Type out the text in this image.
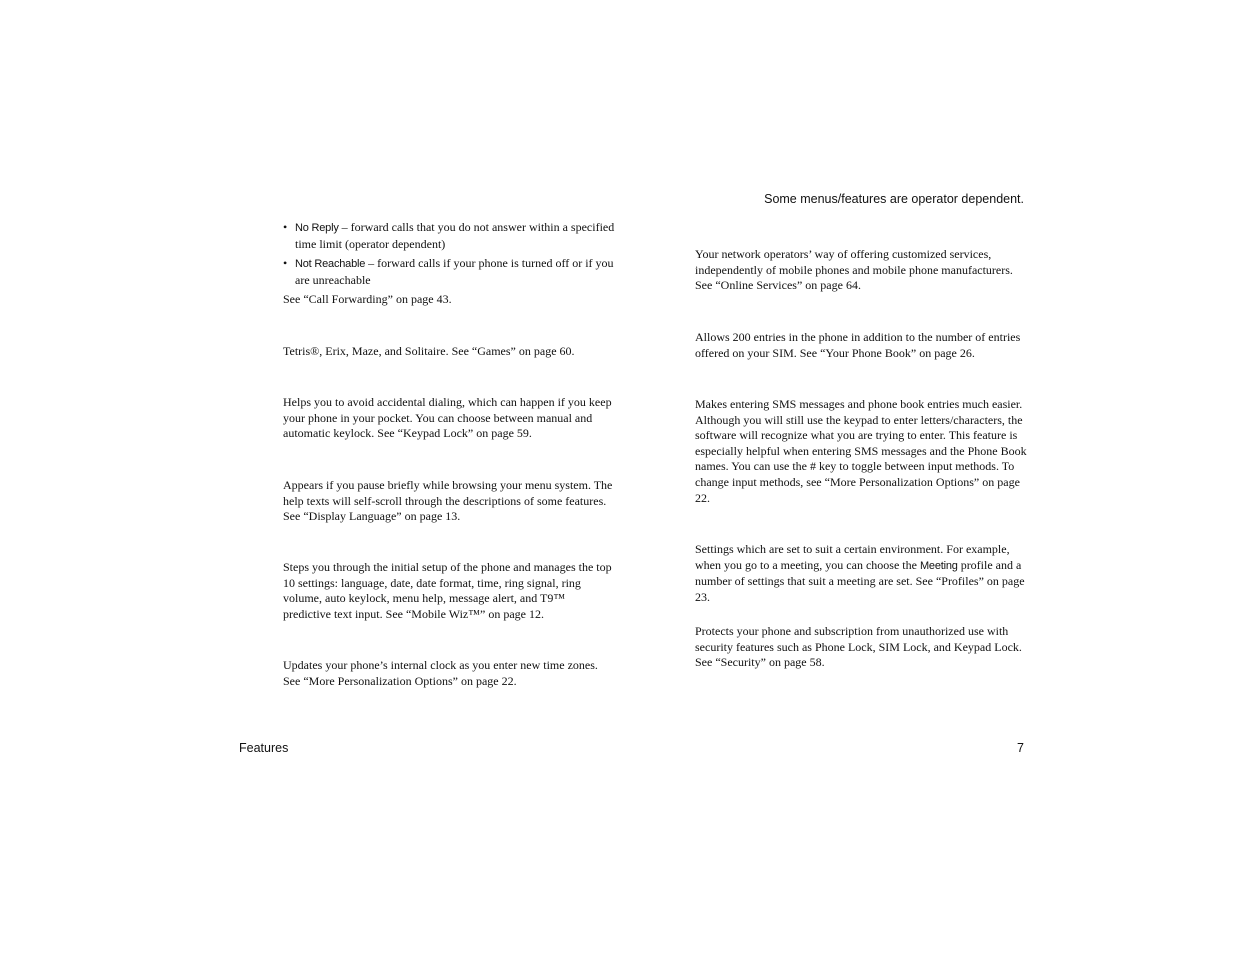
Some menus/features are operator dependent.
• No Reply – forward calls that you do not answer within a specified time limit (operator dependent)
• Not Reachable – forward calls if your phone is turned off or if you are unreachable

See “Call Forwarding” on page 43.

Tetris®, Erix, Maze, and Solitaire. See “Games” on page 60.

Helps you to avoid accidental dialing, which can happen if you keep your phone in your pocket. You can choose between manual and automatic keylock. See “Keypad Lock” on page 59.

Appears if you pause briefly while browsing your menu system. The help texts will self-scroll through the descriptions of some features. See “Display Language” on page 13.

Steps you through the initial setup of the phone and manages the top 10 settings: language, date, date format, time, ring signal, ring volume, auto keylock, menu help, message alert, and T9™ predictive text input. See “Mobile Wiz™” on page 12.

Updates your phone’s internal clock as you enter new time zones. See “More Personalization Options” on page 22.

Your network operators’ way of offering customized services, independently of mobile phones and mobile phone manufacturers. See “Online Services” on page 64.

Allows 200 entries in the phone in addition to the number of entries offered on your SIM. See “Your Phone Book” on page 26.

Makes entering SMS messages and phone book entries much easier. Although you will still use the keypad to enter letters/characters, the software will recognize what you are trying to enter. This feature is especially helpful when entering SMS messages and the Phone Book names. You can use the # key to toggle between input methods. To change input methods, see “More Personalization Options” on page 22.

Settings which are set to suit a certain environment. For example, when you go to a meeting, you can choose the Meeting profile and a number of settings that suit a meeting are set. See “Profiles” on page 23.

Protects your phone and subscription from unauthorized use with security features such as Phone Lock, SIM Lock, and Keypad Lock. See “Security” on page 58.

Features	7
